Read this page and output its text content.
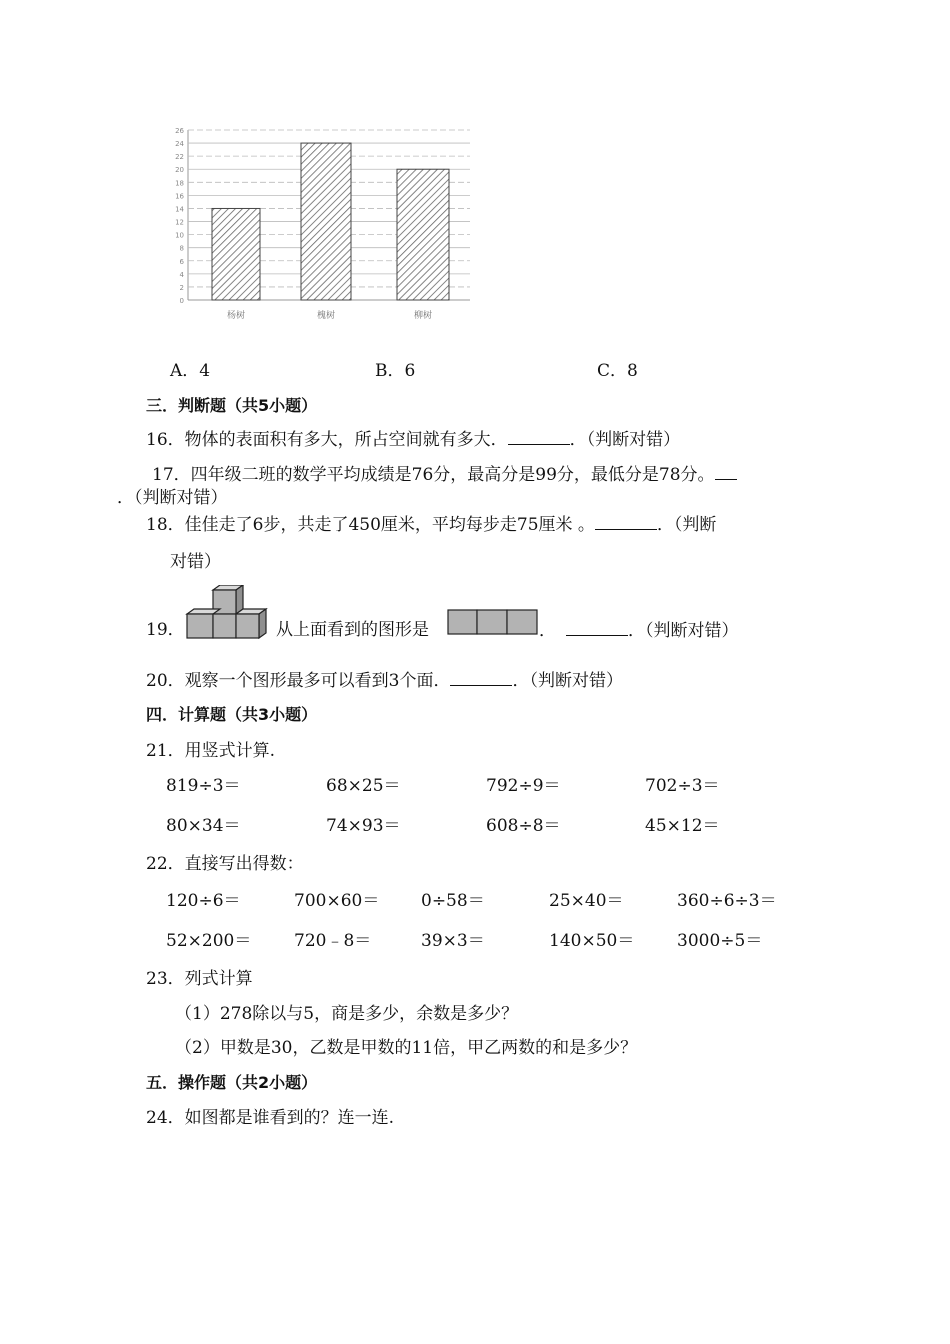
0
2
4
6
8
10
12
14
16
18
20
22
24
26
杨树	槐树	柳树
A．4	B．6	C．8
三．判断题（共5小题）
16．物体的表面积有多大，所占空间就有多大．	．（判断对错）
17．四年级二班的数学平均成绩是76分，最高分是99分，最低分是78分。
．（判断对错）
18．佳佳走了6步，共走了450厘米，平均每步走75厘米 。	．（判断
对错）
19．	从上面看到的图形是	．	．（判断对错）
20．观察一个图形最多可以看到3个面．	．（判断对错）
四．计算题（共3小题）
21．用竖式计算.
819÷3＝	68×25＝	792÷9＝	702÷3＝
80×34＝	74×93＝	608÷8＝	45×12＝
22．直接写出得数：
120÷6＝	700×60＝ 0÷58＝	25×40＝	360÷6÷3＝
52×200＝	720﹣8＝	39×3＝	140×50＝	3000÷5＝
23．列式计算
（1）278除以与5，商是多少，余数是多少？
（2）甲数是30，乙数是甲数的11倍，甲乙两数的和是多少？
五．操作题（共2小题）
24．如图都是谁看到的？连一连.
